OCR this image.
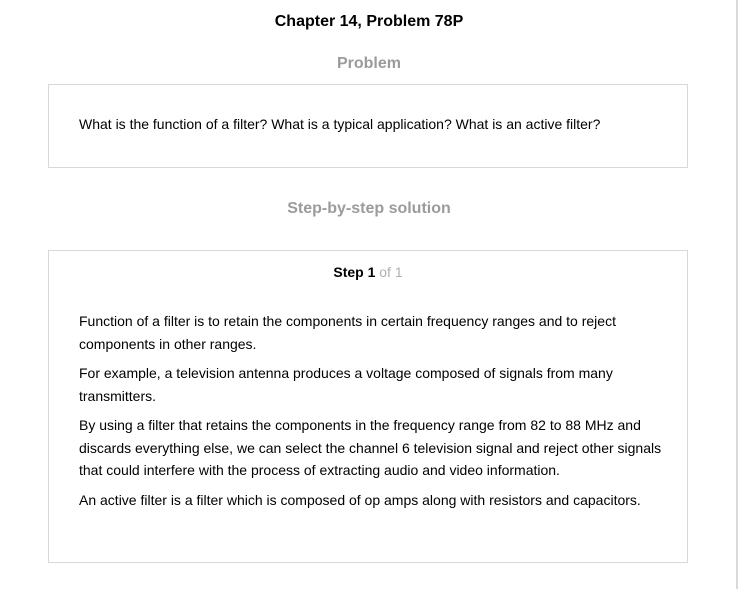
Chapter 14, Problem 78P
Problem
What is the function of a filter? What is a typical application? What is an active filter?
Step-by-step solution
Step 1 of 1

Function of a filter is to retain the components in certain frequency ranges and to reject components in other ranges.

For example, a television antenna produces a voltage composed of signals from many transmitters.

By using a filter that retains the components in the frequency range from 82 to 88 MHz and discards everything else, we can select the channel 6 television signal and reject other signals that could interfere with the process of extracting audio and video information.

An active filter is a filter which is composed of op amps along with resistors and capacitors.
